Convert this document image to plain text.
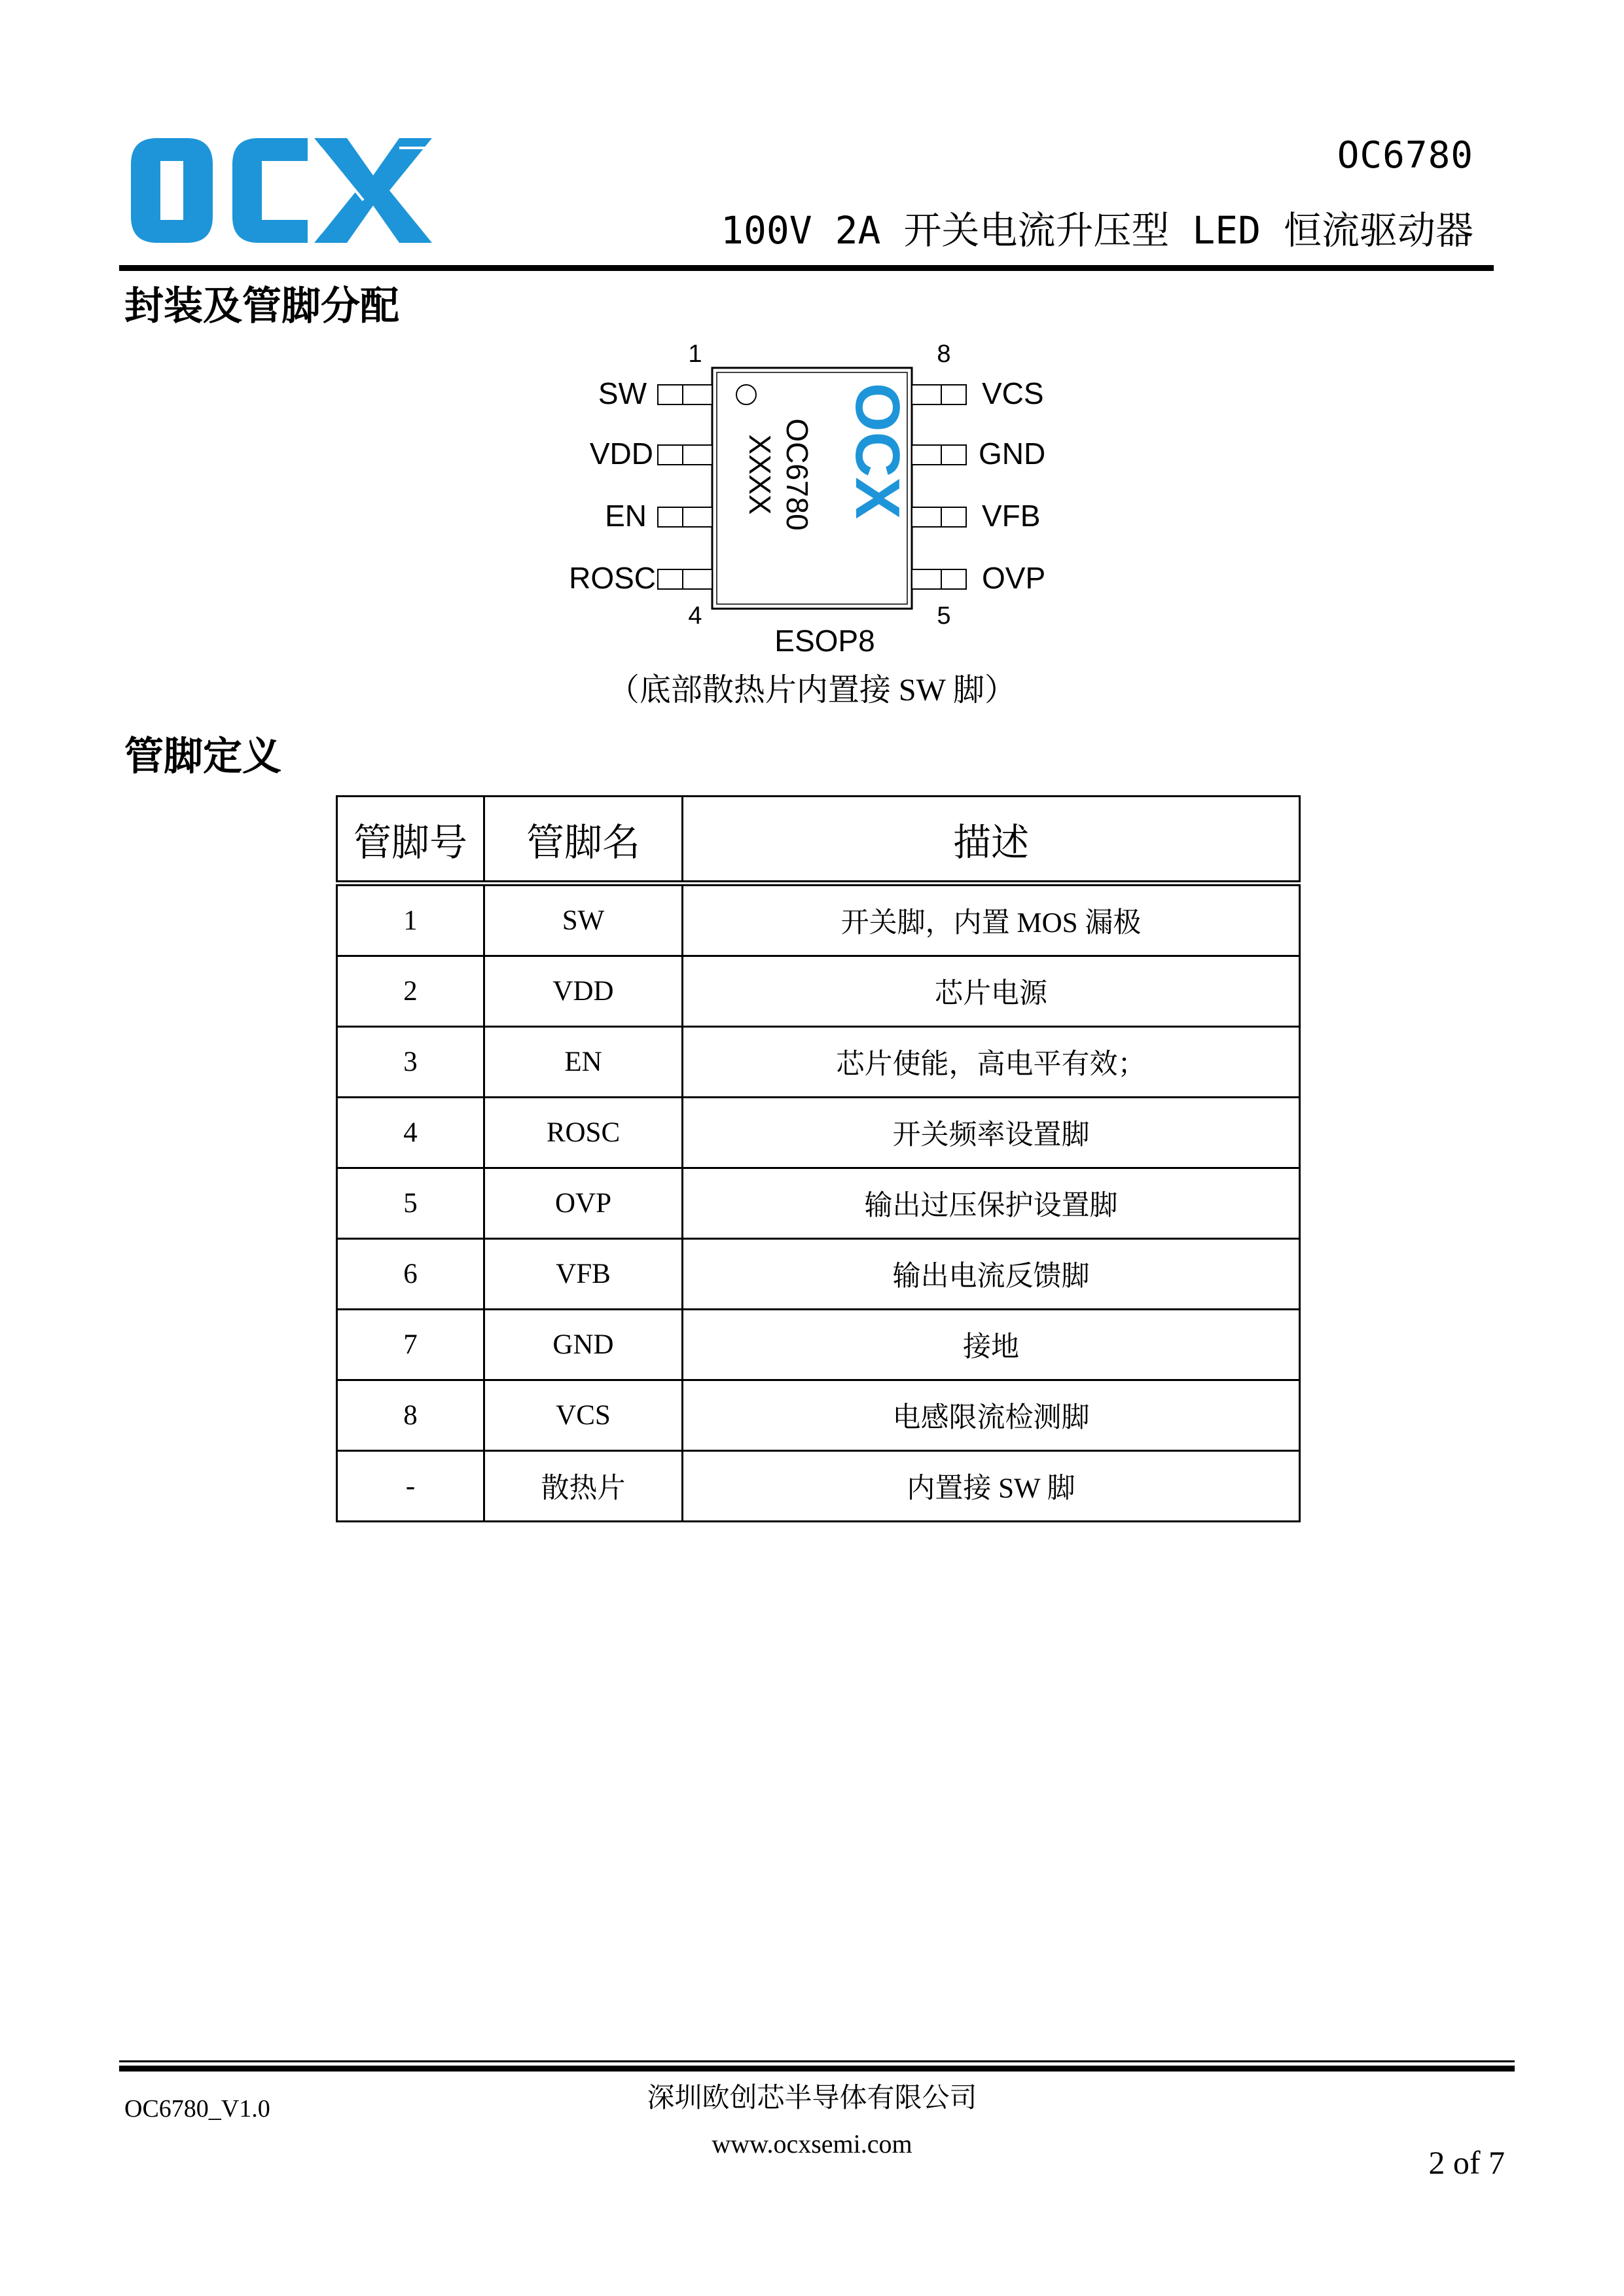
OC6780
100V 2A 开关电流升压型 LED 恒流驱动器
封装及管脚分配
OCX
OC6780
XXXX
1
4
8
5
SW
VDD
EN
ROSC
VCS
GND
VFB
OVP
ESOP8
（底部散热片内置接 SW 脚）
管脚定义
管脚号	管脚名	描述
1	SW	开关脚，内置 MOS 漏极
2	VDD	芯片电源
3	EN	芯片使能，高电平有效；
4	ROSC	开关频率设置脚
5	OVP	输出过压保护设置脚
6	VFB	输出电流反馈脚
7	GND	接地
8	VCS	电感限流检测脚
-	散热片	内置接 SW 脚
OC6780_V1.0	深圳欧创芯半导体有限公司
www.ocxsemi.com
2 of 7
